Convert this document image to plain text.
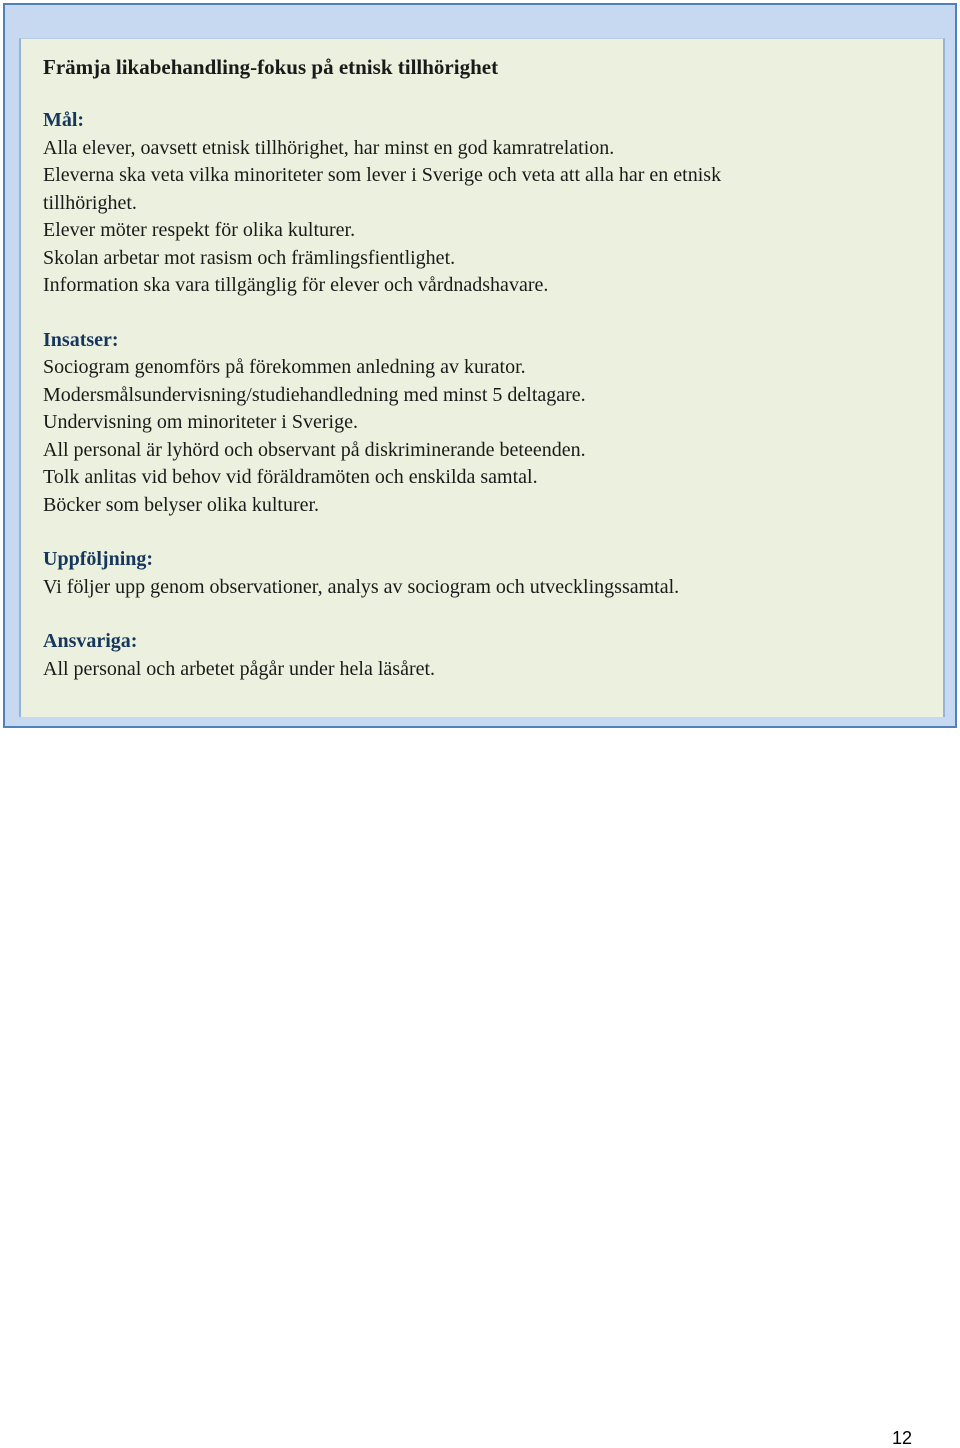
Främja likabehandling-fokus på etnisk tillhörighet
Mål:
Alla elever, oavsett etnisk tillhörighet, har minst en god kamratrelation.
Eleverna ska veta vilka minoriteter som lever i Sverige och veta att alla har en etnisk
tillhörighet.
Elever möter respekt för olika kulturer.
Skolan arbetar mot rasism och främlingsfientlighet.
Information ska vara tillgänglig för elever och vårdnadshavare.
Insatser:
Sociogram genomförs på förekommen anledning av kurator.
Modersmålsundervisning/studiehandledning med minst 5 deltagare.
Undervisning om minoriteter i Sverige.
All personal är lyhörd och observant på diskriminerande beteenden.
Tolk anlitas vid behov vid föräldramöten och enskilda samtal.
Böcker som belyser olika kulturer.
Uppföljning:
Vi följer upp genom observationer, analys av sociogram och utvecklingssamtal.
Ansvariga:
All personal och arbetet pågår under hela läsåret.
12
